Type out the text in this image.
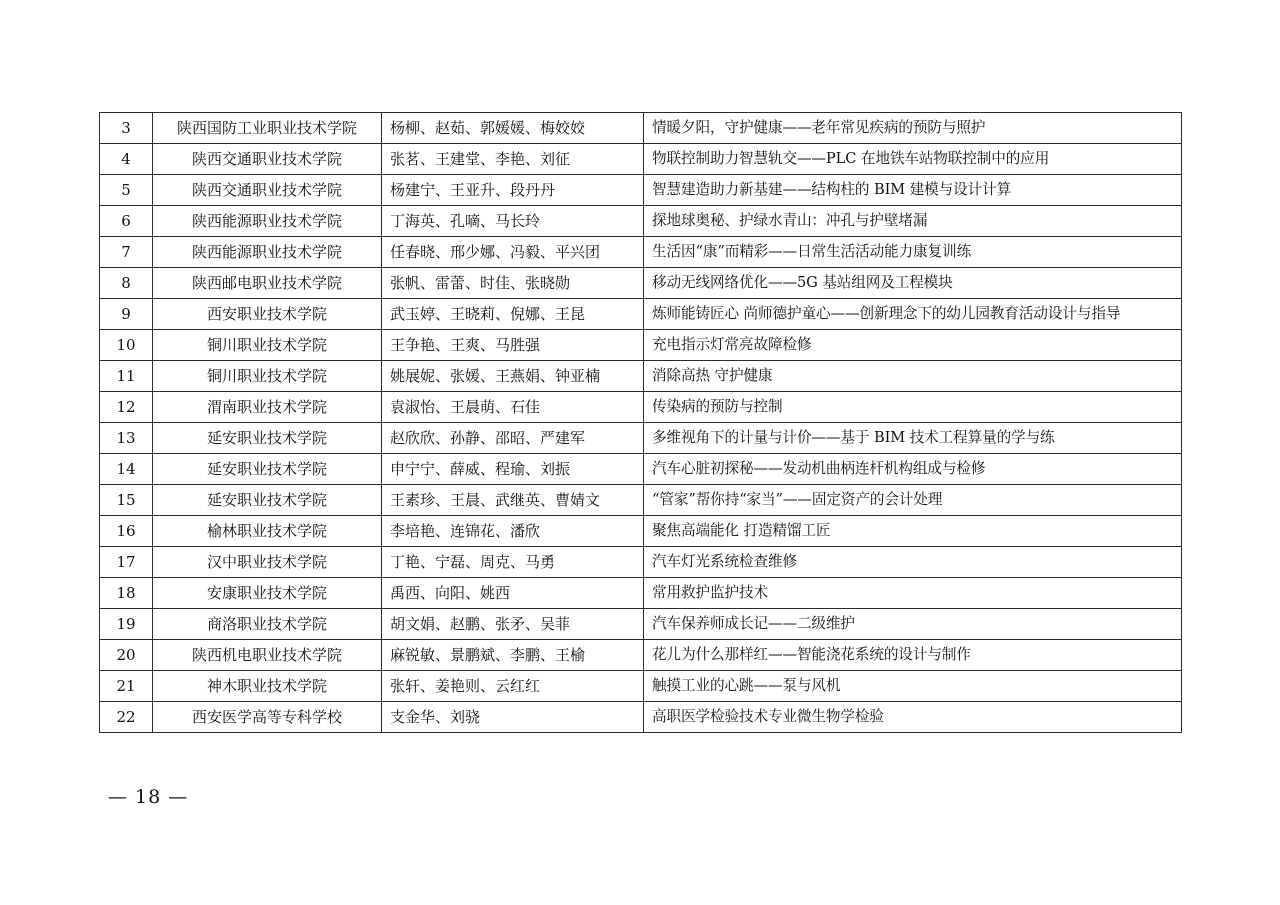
3	陕西国防工业职业技术学院	杨柳、赵茹、郭媛媛、梅姣姣	情暖夕阳，守护健康——老年常见疾病的预防与照护
4	陕西交通职业技术学院	张茗、王建堂、李艳、刘征	物联控制助力智慧轨交——PLC 在地铁车站物联控制中的应用
5	陕西交通职业技术学院	杨建宁、王亚升、段丹丹	智慧建造助力新基建——结构柱的 BIM 建模与设计计算
6	陕西能源职业技术学院	丁海英、孔嘀、马长玲	探地球奥秘、护绿水青山：冲孔与护壁堵漏
7	陕西能源职业技术学院	任春晓、邢少娜、冯毅、平兴团	生活因“康”而精彩——日常生活活动能力康复训练
8	陕西邮电职业技术学院	张帆、雷蕾、时佳、张晓勋	移动无线网络优化——5G 基站组网及工程模块
9	西安职业技术学院	武玉婷、王晓莉、倪娜、王昆	炼师能铸匠心 尚师德护童心——创新理念下的幼儿园教育活动设计与指导
10	铜川职业技术学院	王争艳、王爽、马胜强	充电指示灯常亮故障检修
11	铜川职业技术学院	姚展妮、张媛、王燕娟、钟亚楠	消除高热 守护健康
12	渭南职业技术学院	袁淑怡、王晨萌、石佳	传染病的预防与控制
13	延安职业技术学院	赵欣欣、孙静、邵昭、严建军	多维视角下的计量与计价——基于 BIM 技术工程算量的学与练
14	延安职业技术学院	申宁宁、薛威、程瑜、刘振	汽车心脏初探秘——发动机曲柄连杆机构组成与检修
15	延安职业技术学院	王素珍、王晨、武继英、曹婧文	“管家”帮你持“家当”——固定资产的会计处理
16	榆林职业技术学院	李培艳、连锦花、潘欣	聚焦高端能化 打造精馏工匠
17	汉中职业技术学院	丁艳、宁磊、周克、马勇	汽车灯光系统检查维修
18	安康职业技术学院	禹西、向阳、姚西	常用救护监护技术
19	商洛职业技术学院	胡文娟、赵鹏、张矛、吴菲	汽车保养师成长记——二级维护
20	陕西机电职业技术学院	麻锐敏、景鹏斌、李鹏、王榆	花儿为什么那样红——智能浇花系统的设计与制作
21	神木职业技术学院	张轩、姜艳则、云红红	触摸工业的心跳——泵与风机
22	西安医学高等专科学校	支金华、刘骁	高职医学检验技术专业微生物学检验
— 18 —
